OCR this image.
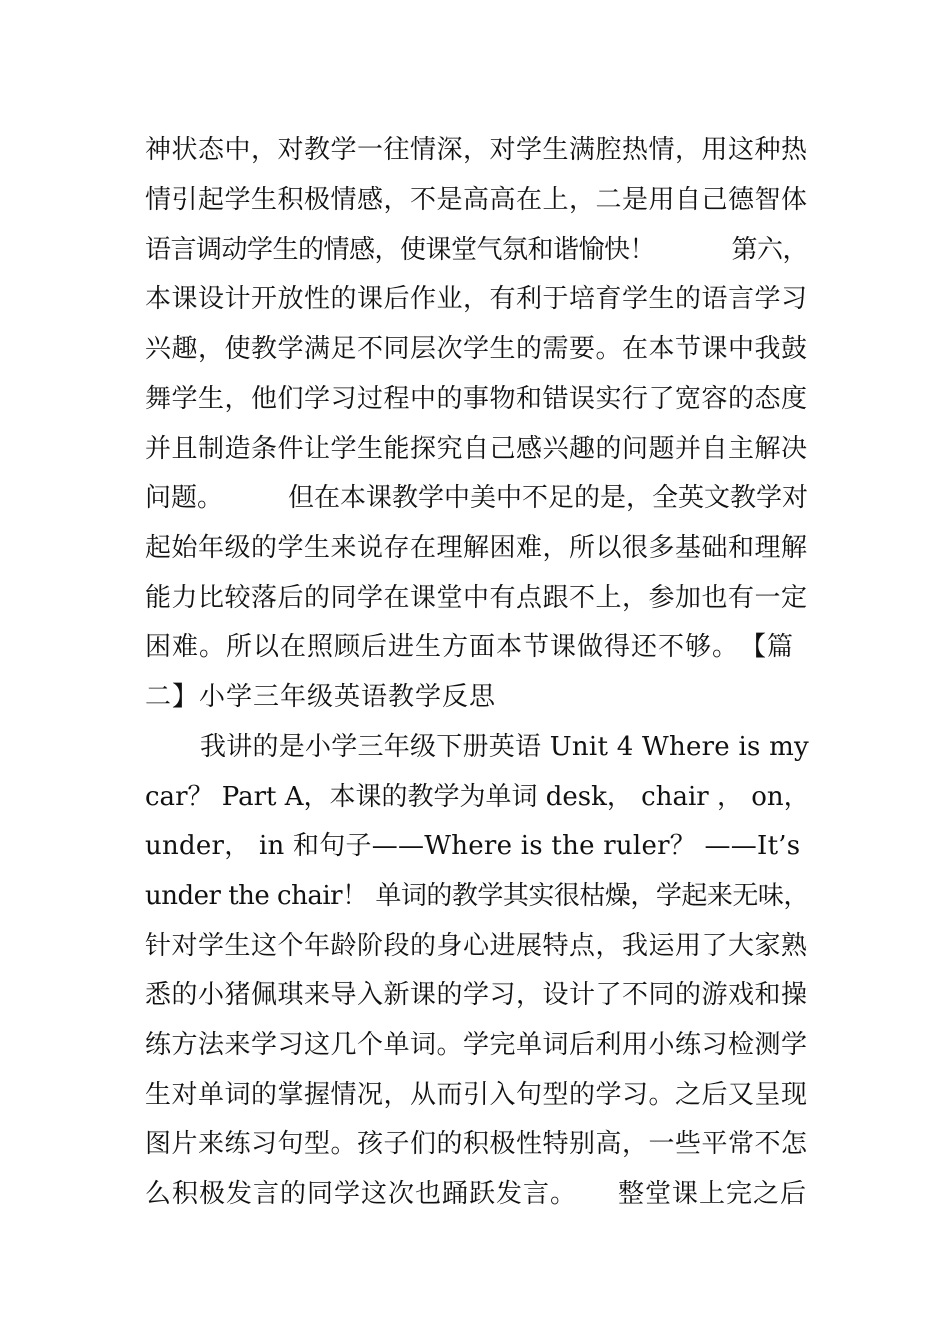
神状态中，对教学一往情深，对学生满腔热情，用这种热
情引起学生积极情感，不是高高在上，二是用自己德智体
语言调动学生的情感，使课堂气氛和谐愉快！　　　第六，
本课设计开放性的课后作业，有利于培育学生的语言学习
兴趣，使教学满足不同层次学生的需要。在本节课中我鼓
舞学生，他们学习过程中的事物和错误实行了宽容的态度
并且制造条件让学生能探究自己感兴趣的问题并自主解决
问题。　　　但在本课教学中美中不足的是，全英文教学对
起始年级的学生来说存在理解困难，所以很多基础和理解
能力比较落后的同学在课堂中有点跟不上，参加也有一定
困难。所以在照顾后进生方面本节课做得还不够。　【篇
二】小学三年级英语教学反思
我讲的是小学三年级下册英语 Unit 4 Where is my
car？ Part A，本课的教学为单词 desk， chair ， on，
under， in 和句子——Where is the ruler？ ——It’s
under the chair！ 单词的教学其实很枯燥，学起来无味，
针对学生这个年龄阶段的身心进展特点，我运用了大家熟
悉的小猪佩琪来导入新课的学习，设计了不同的游戏和操
练方法来学习这几个单词。学完单词后利用小练习检测学
生对单词的掌握情况，从而引入句型的学习。之后又呈现
图片来练习句型。孩子们的积极性特别高，一些平常不怎
么积极发言的同学这次也踊跃发言。　　整堂课上完之后
